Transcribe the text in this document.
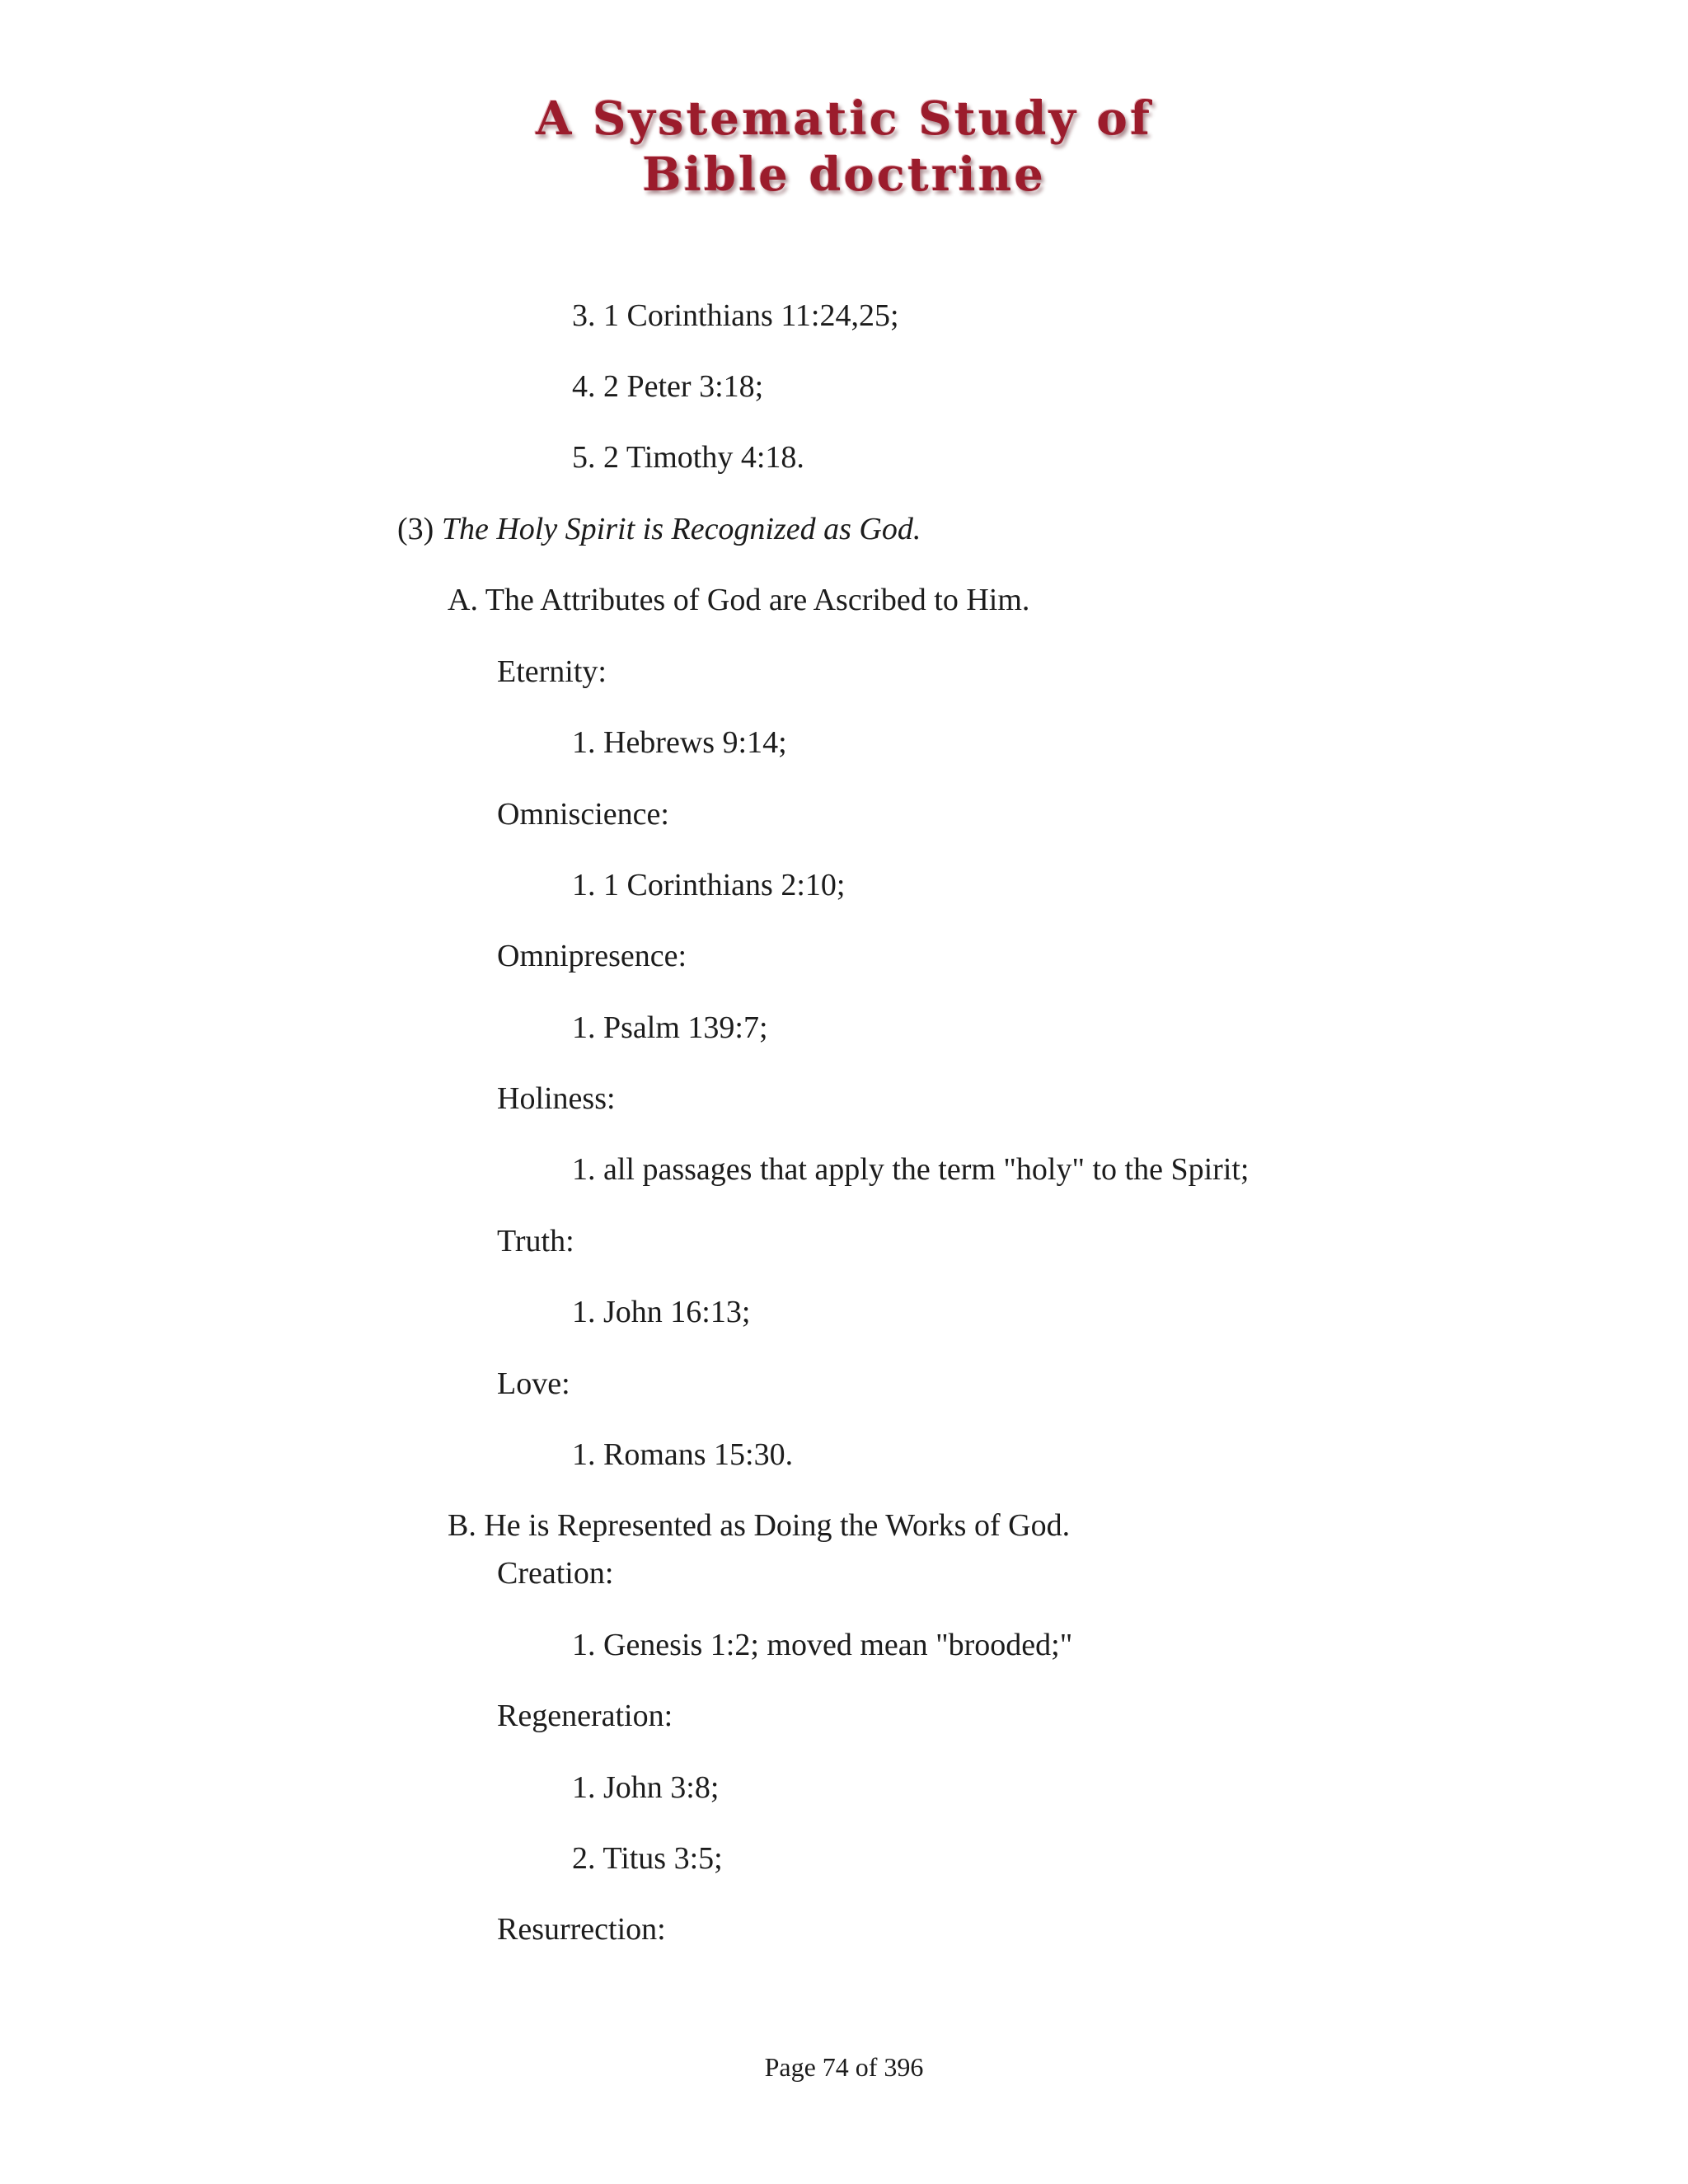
A Systematic Study of
Bible doctrine
3. 1 Corinthians 11:24,25;
4. 2 Peter 3:18;
5. 2 Timothy 4:18.
(3) The Holy Spirit is Recognized as God.
A. The Attributes of God are Ascribed to Him.
Eternity:
1. Hebrews 9:14;
Omniscience:
1. 1 Corinthians 2:10;
Omnipresence:
1. Psalm 139:7;
Holiness:
1. all passages that apply the term "holy" to the Spirit;
Truth:
1. John 16:13;
Love:
1. Romans 15:30.
B. He is Represented as Doing the Works of God.
Creation:
1. Genesis 1:2; moved mean "brooded;"
Regeneration:
1. John 3:8;
2. Titus 3:5;
Resurrection:
Page 74 of 396
